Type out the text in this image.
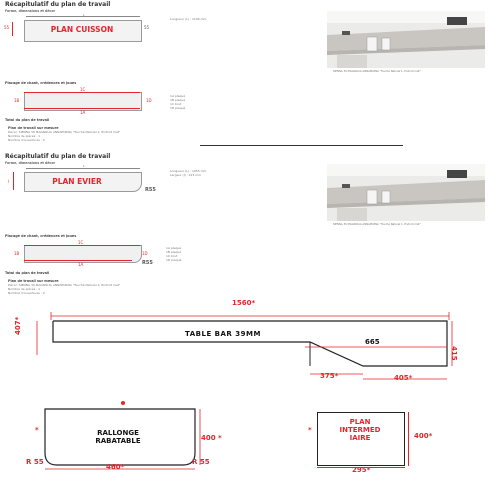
Récapitulatif du plan de travail
Forme, dimensions et décor
L
55	55
PLAN CUISSON
Longueur (L) : 1190 mm
SIENNA 39 MAGNOLIA ANNAPURNA "Touché Naturel 1, Endroit mat"
Placage de chant, crédences et joues
1C
1B	1D
1A
1A plaqué
1B plaqué
1C brut
1D plaqué
Total du plan de travail
Plan de travail sur mesure
Décor: SIENNA 39 MAGNOLIA ANNAPURNA "Touché Naturel 1, Endroit mat"
Nombre de pièces : 1
Nombre d'ouvertures : 0
Récapitulatif du plan de travail
Forme, dimensions et décor
L
l	PLAN EVIER
R55
Longueur (L) : 1055 mm
Largeur (l) : 415 mm
SIENNA 39 MAGNOLIA ANNAPURNA "Touché Naturel 1, Endroit mat"
Placage de chant, crédences et joues
1C
1B	1D
1A	R55
1A plaqué
1B plaqué
1C brut
1D plaqué
Total du plan de travail
Plan de travail sur mesure
Décor: SIENNA 39 MAGNOLIA ANNAPURNA "Touché Naturel 1, Endroit mat"
Nombre de pièces : 1
Nombre d'ouvertures : 0
1560*
407*	TABLE BAR 39MM
665
415
375*	405*
*	RALLONGE
RABATABLE	400 *
460*
R 55	R 55
*
PLAN
INTERMED
IAIRE	400*
295*
